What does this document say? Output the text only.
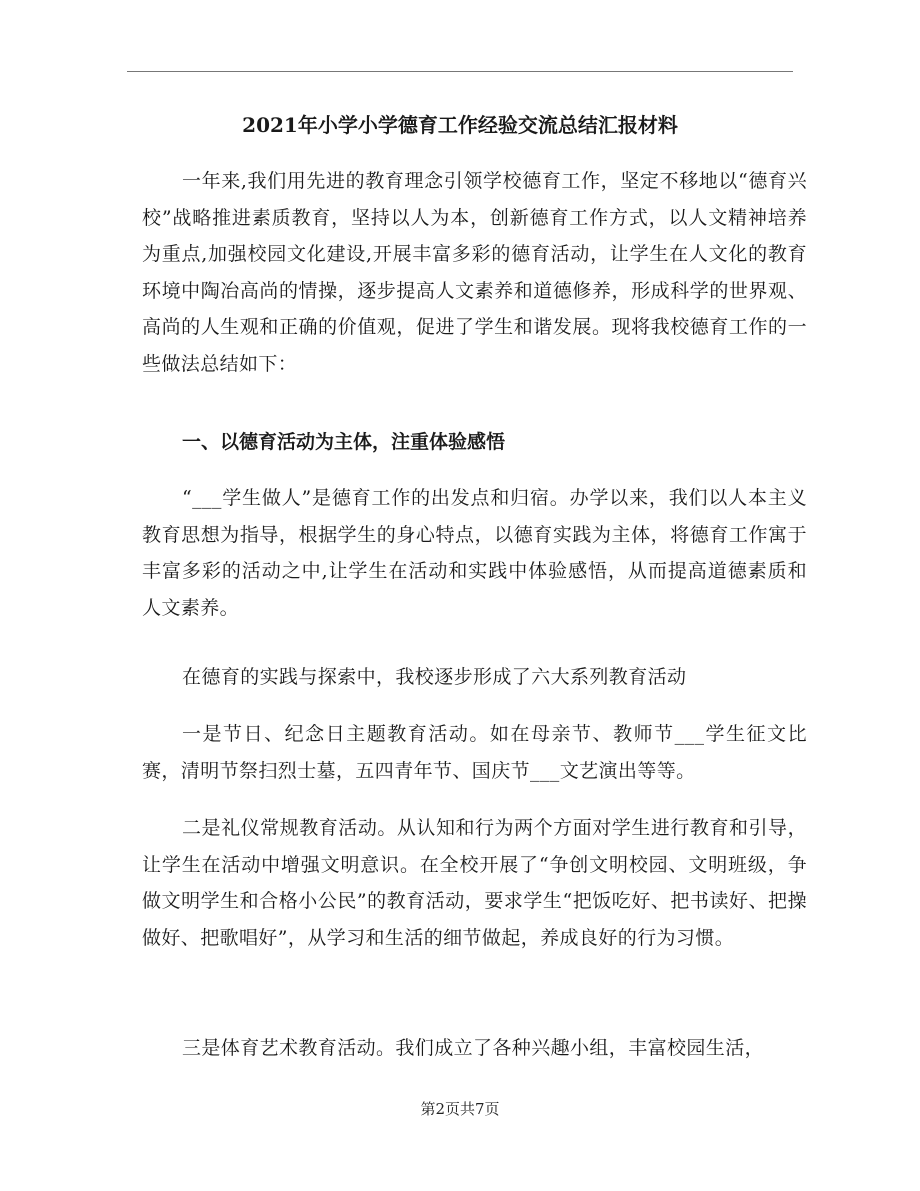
2021年小学小学德育工作经验交流总结汇报材料

一年来,我们用先进的教育理念引领学校德育工作，坚定不移地以“德育兴校”战略推进素质教育，坚持以人为本，创新德育工作方式，以人文精神培养为重点,加强校园文化建设,开展丰富多彩的德育活动，让学生在人文化的教育环境中陶冶高尚的情操，逐步提高人文素养和道德修养，形成科学的世界观、高尚的人生观和正确的价值观，促进了学生和谐发展。现将我校德育工作的一些做法总结如下：

一、以德育活动为主体，注重体验感悟

“___学生做人”是德育工作的出发点和归宿。办学以来，我们以人本主义教育思想为指导，根据学生的身心特点，以德育实践为主体，将德育工作寓于丰富多彩的活动之中,让学生在活动和实践中体验感悟，从而提高道德素质和人文素养。

在德育的实践与探索中，我校逐步形成了六大系列教育活动

一是节日、纪念日主题教育活动。如在母亲节、教师节___学生征文比赛，清明节祭扫烈士墓，五四青年节、国庆节___文艺演出等等。

二是礼仪常规教育活动。从认知和行为两个方面对学生进行教育和引导，让学生在活动中增强文明意识。在全校开展了“争创文明校园、文明班级，争做文明学生和合格小公民”的教育活动，要求学生“把饭吃好、把书读好、把操做好、把歌唱好”，从学习和生活的细节做起，养成良好的行为习惯。

三是体育艺术教育活动。我们成立了各种兴趣小组，丰富校园生活，

第2页共7页
